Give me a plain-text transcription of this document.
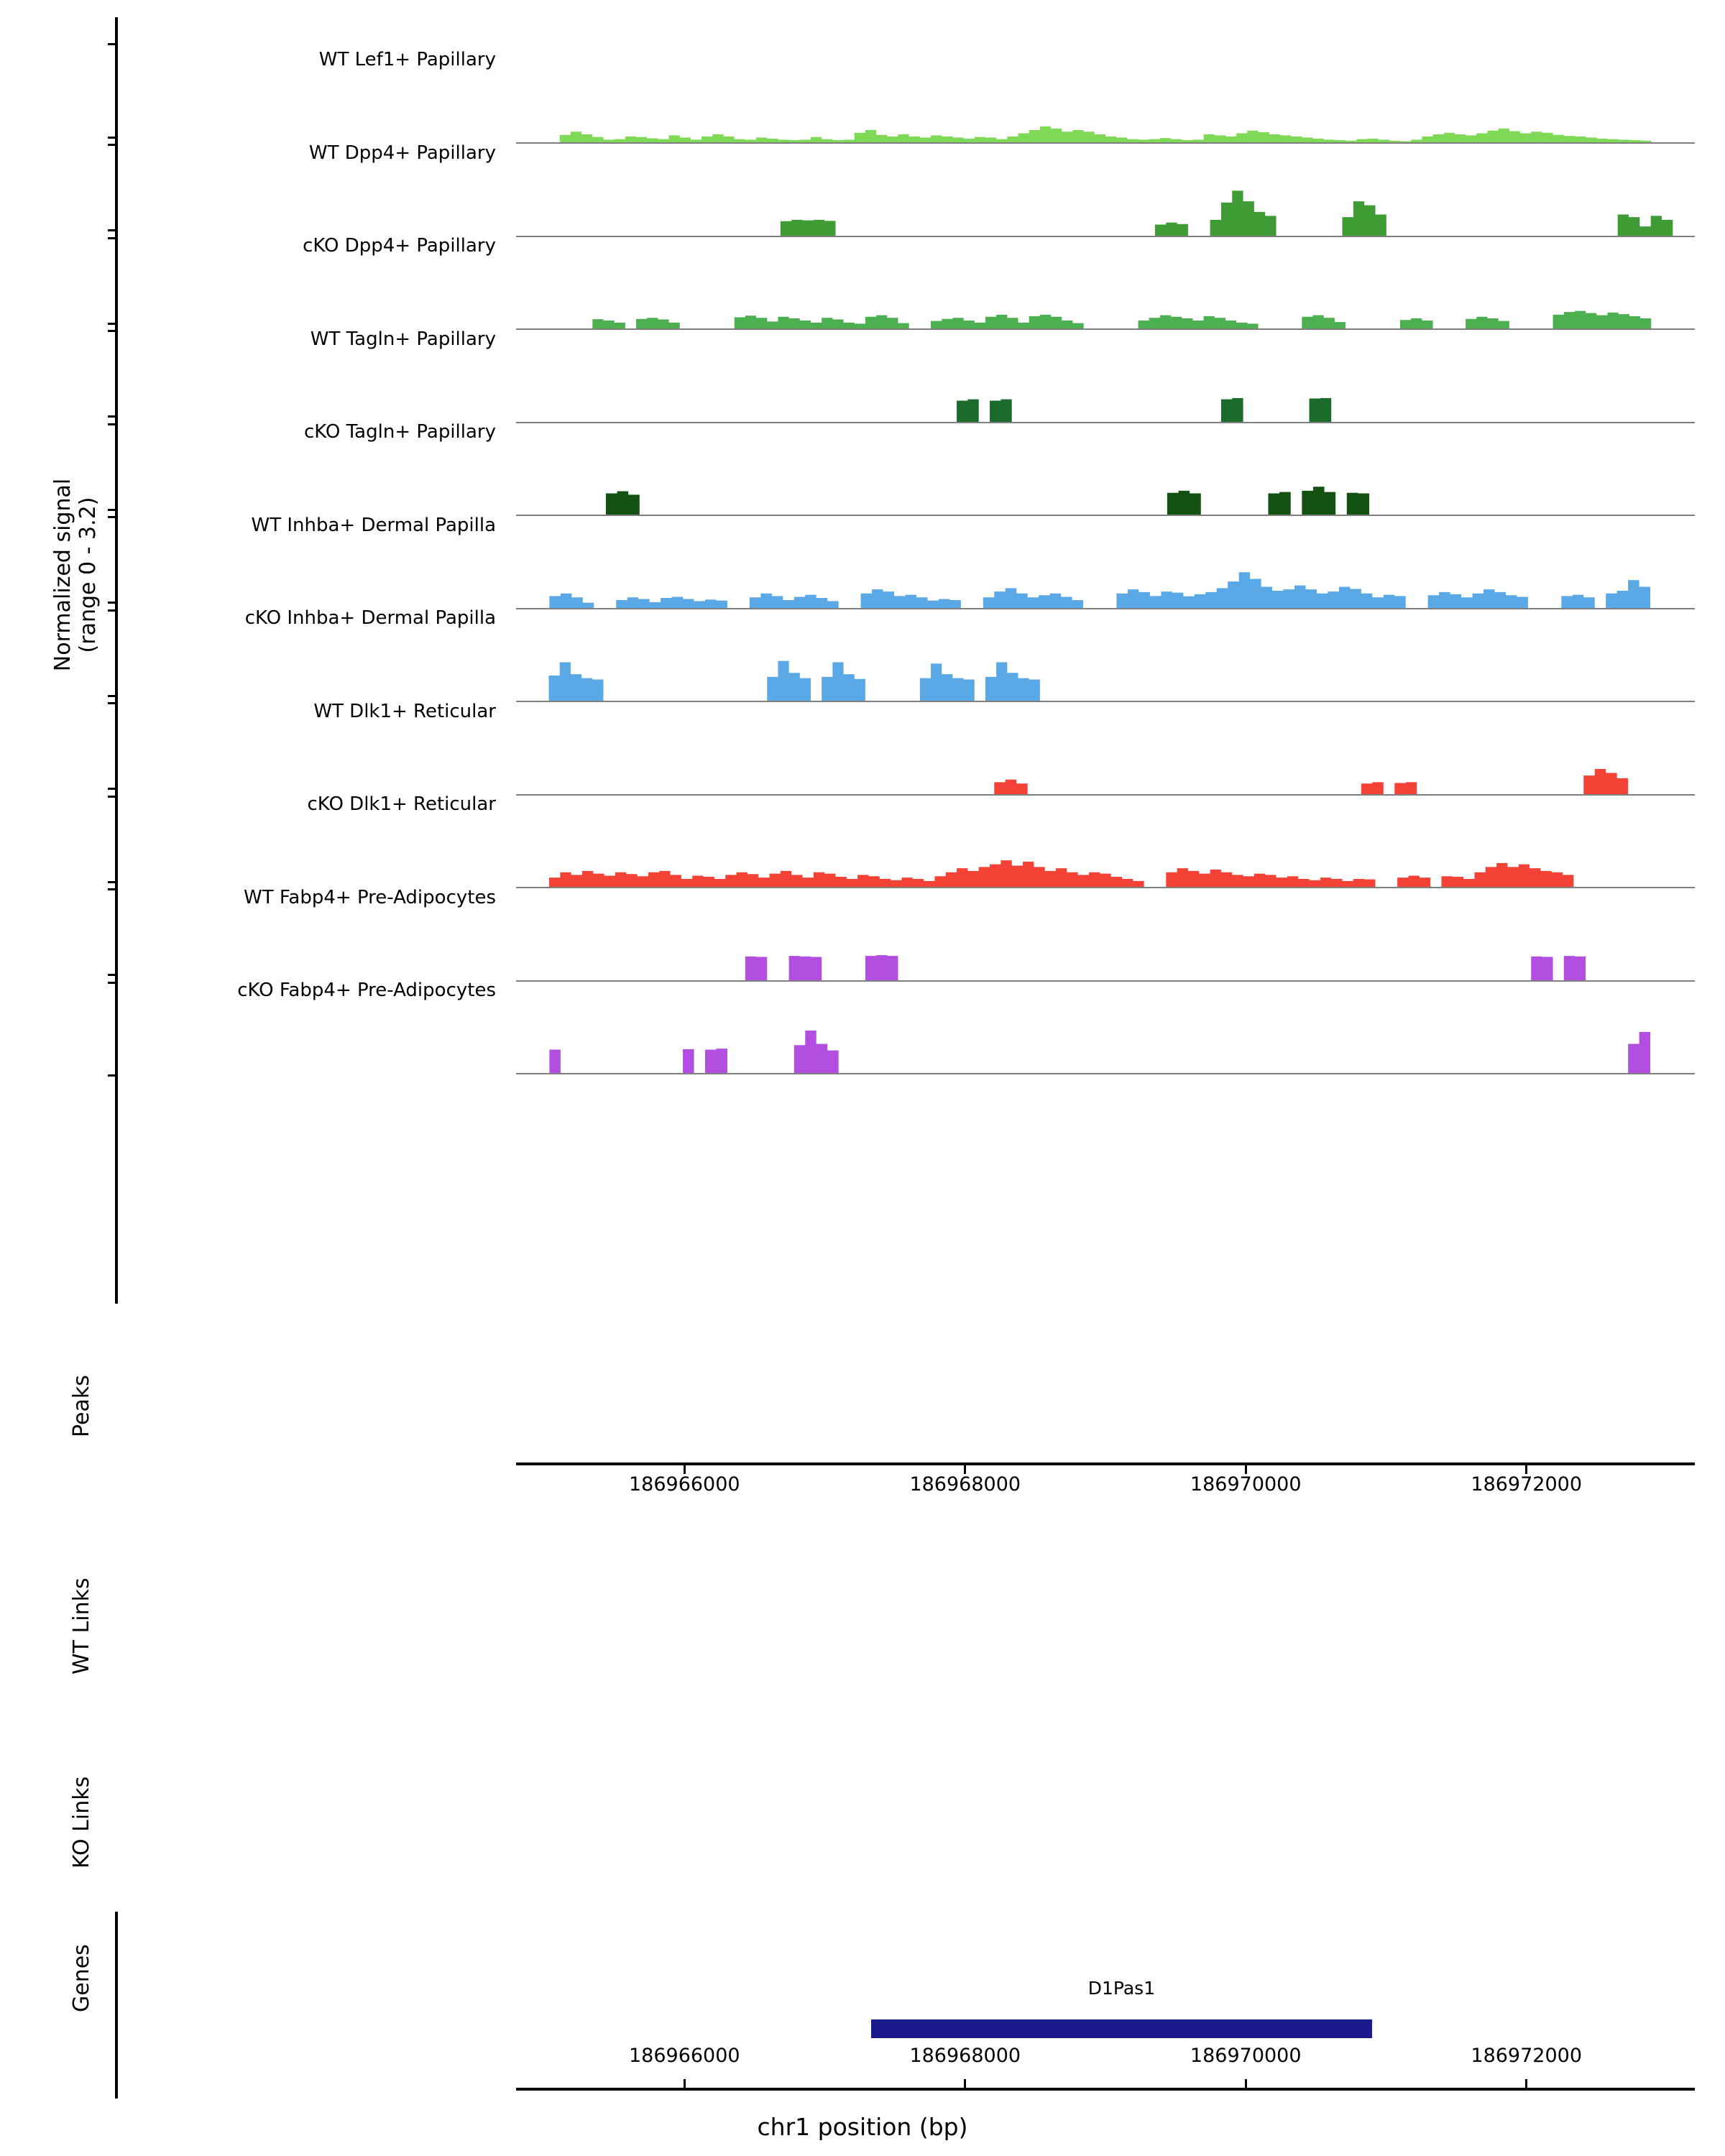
Normalized signal
(range 0 - 3.2)
Peaks
WT Links
KO Links
Genes
WT Lef1+ Papillary
WT Dpp4+ Papillary
cKO Dpp4+ Papillary
WT Tagln+ Papillary
cKO Tagln+ Papillary
WT Inhba+ Dermal Papilla
cKO Inhba+ Dermal Papilla
WT Dlk1+ Reticular
cKO Dlk1+ Reticular
WT Fabp4+ Pre-Adipocytes
cKO Fabp4+ Pre-Adipocytes
186966000	186968000	186970000	186972000
186966000	186968000	186970000	186972000
D1Pas1
chr1 position (bp)
